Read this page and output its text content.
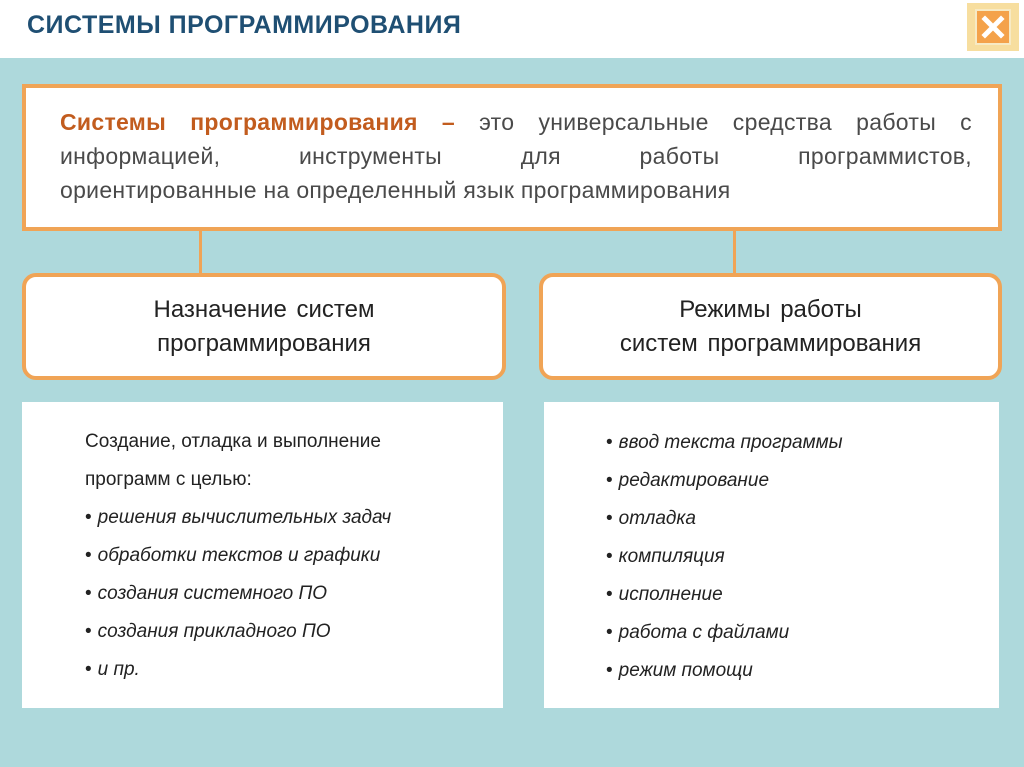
СИСТЕМЫ ПРОГРАММИРОВАНИЯ
Системы программирования – это универсальные средства работы с информацией, инструменты для работы программистов,
ориентированные на определенный язык программирования
Назначение систем
программирования
Режимы работы
систем программирования
Создание, отладка и выполнение
программ с целью:
• решения вычислительных задач
• обработки текстов и графики
• создания системного ПО
• создания прикладного ПО
• и пр.
• ввод текста программы
• редактирование
• отладка
• компиляция
• исполнение
• работа с файлами
• режим помощи
